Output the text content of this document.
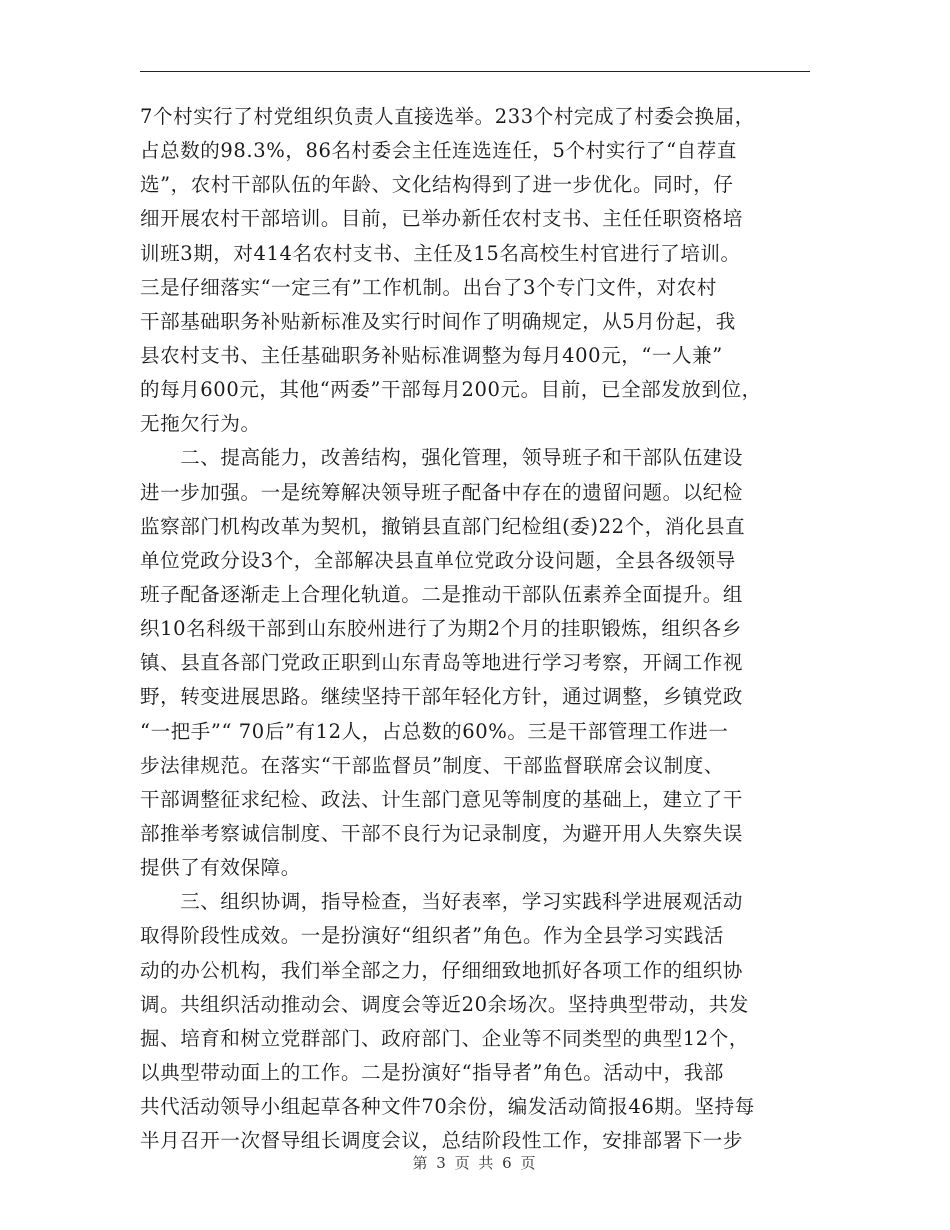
7个村实行了村党组织负责人直接选举。233个村完成了村委会换届，
占总数的98.3%，86名村委会主任连选连任，5个村实行了“自荐直
选”，农村干部队伍的年龄、文化结构得到了进一步优化。同时，仔
细开展农村干部培训。目前，已举办新任农村支书、主任任职资格培
训班3期，对414名农村支书、主任及15名高校生村官进行了培训。
三是仔细落实“一定三有”工作机制。出台了3个专门文件，对农村
干部基础职务补贴新标准及实行时间作了明确规定，从5月份起，我
县农村支书、主任基础职务补贴标准调整为每月400元，“一人兼”
的每月600元，其他“两委”干部每月200元。目前，已全部发放到位，
无拖欠行为。
　　二、提高能力，改善结构，强化管理，领导班子和干部队伍建设
进一步加强。一是统筹解决领导班子配备中存在的遗留问题。以纪检
监察部门机构改革为契机，撤销县直部门纪检组(委)22个，消化县直
单位党政分设3个，全部解决县直单位党政分设问题，全县各级领导
班子配备逐渐走上合理化轨道。二是推动干部队伍素养全面提升。组
织10名科级干部到山东胶州进行了为期2个月的挂职锻炼，组织各乡
镇、县直各部门党政正职到山东青岛等地进行学习考察，开阔工作视
野，转变进展思路。继续坚持干部年轻化方针，通过调整，乡镇党政
“一把手”“ 70后”有12人，占总数的60%。三是干部管理工作进一
步法律规范。在落实“干部监督员”制度、干部监督联席会议制度、
干部调整征求纪检、政法、计生部门意见等制度的基础上，建立了干
部推举考察诚信制度、干部不良行为记录制度，为避开用人失察失误
提供了有效保障。
　　三、组织协调，指导检查，当好表率，学习实践科学进展观活动
取得阶段性成效。一是扮演好“组织者”角色。作为全县学习实践活
动的办公机构，我们举全部之力，仔细细致地抓好各项工作的组织协
调。共组织活动推动会、调度会等近20余场次。坚持典型带动，共发
掘、培育和树立党群部门、政府部门、企业等不同类型的典型12个，
以典型带动面上的工作。二是扮演好“指导者”角色。活动中，我部
共代活动领导小组起草各种文件70余份，编发活动简报46期。坚持每
半月召开一次督导组长调度会议，总结阶段性工作，安排部署下一步
第 3 页 共 6 页
